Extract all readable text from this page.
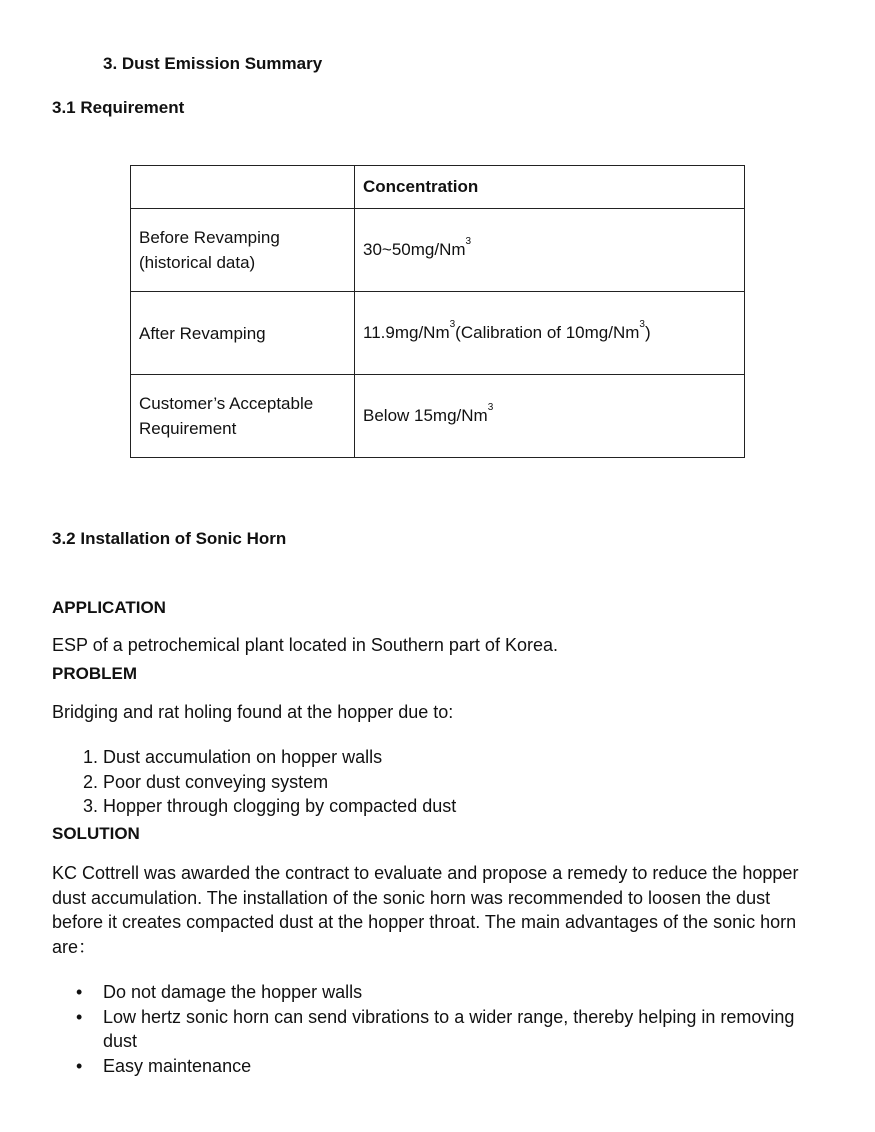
3. Dust Emission Summary
3.1 Requirement
	Concentration

Before Revamping
(historical data)	30~50mg/Nm$^3$

After Revamping	11.9mg/Nm$^3$(Calibration of 10mg/Nm$^3$)

Customer’s Acceptable
Requirement	Below 15mg/Nm$^3$
3.2 Installation of Sonic Horn
APPLICATION
ESP of a petrochemical plant located in Southern part of Korea.
PROBLEM
Bridging and rat holing found at the hopper due to:
1. Dust accumulation on hopper walls
2. Poor dust conveying system
3. Hopper through clogging by compacted dust
SOLUTION
KC Cottrell was awarded the contract to evaluate and propose a remedy to reduce the hopper
dust accumulation. The installation of the sonic horn was recommended to loosen the dust
before it creates compacted dust at the hopper throat. The main advantages of the sonic horn
are：
• Do not damage the hopper walls
• Low hertz sonic horn can send vibrations to a wider range, thereby helping in removing
dust
• Easy maintenance
